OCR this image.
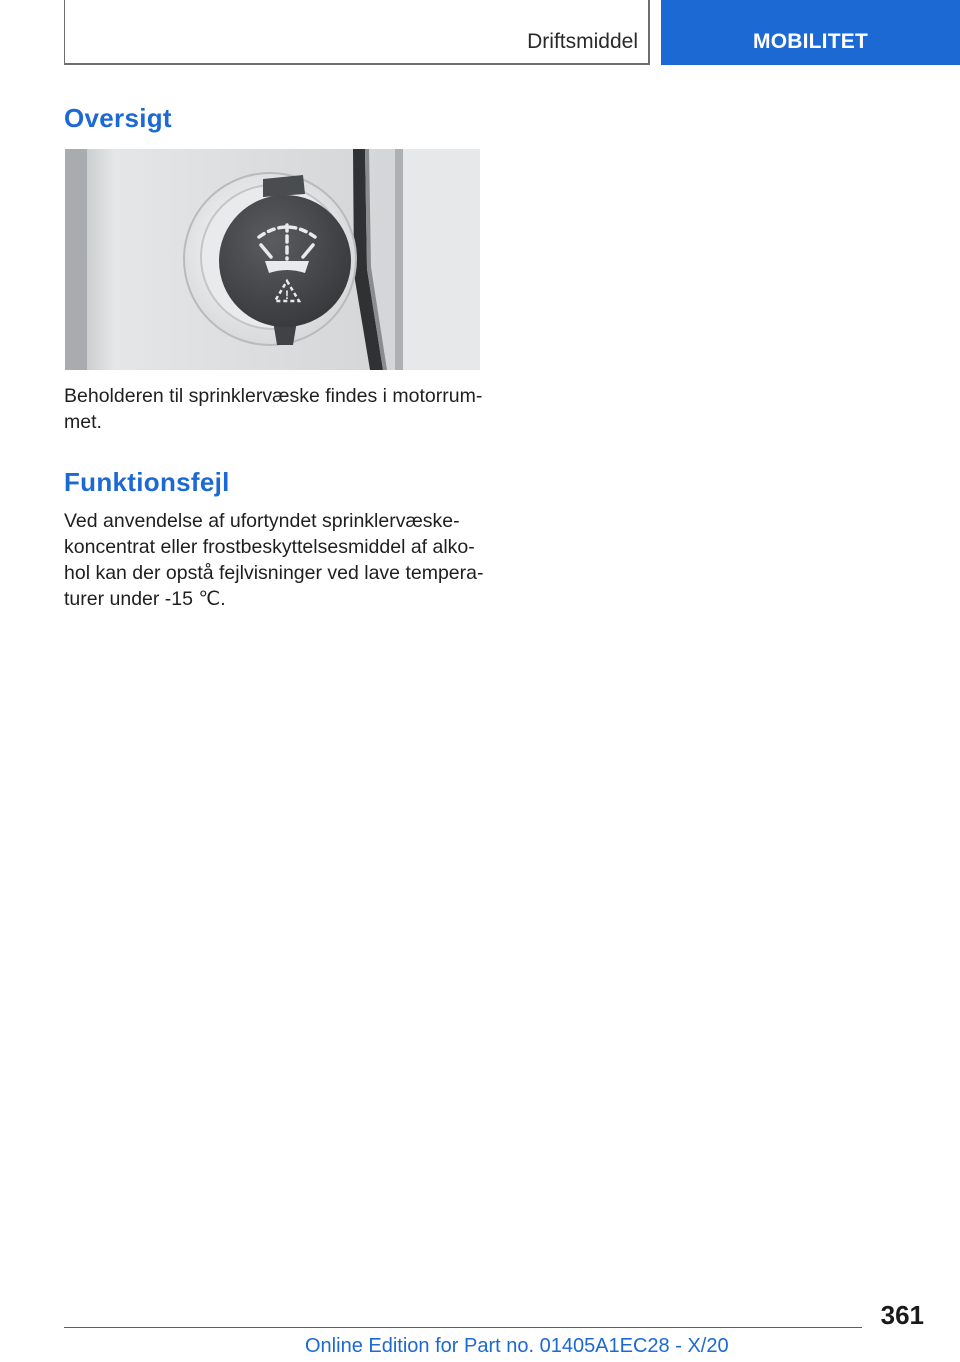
Driftsmiddel	MOBILITET
Oversigt
!

Beholderen til sprinklervæske findes i motorrum-met.

Funktionsfejl

Ved anvendelse af ufortyndet sprinklervæske-koncentrat eller frostbeskyttelsesmiddel af alko-hol kan der opstå fejlvisninger ved lave tempera-turer under -15 ℃.

361
Online Edition for Part no. 01405A1EC28 - X/20
